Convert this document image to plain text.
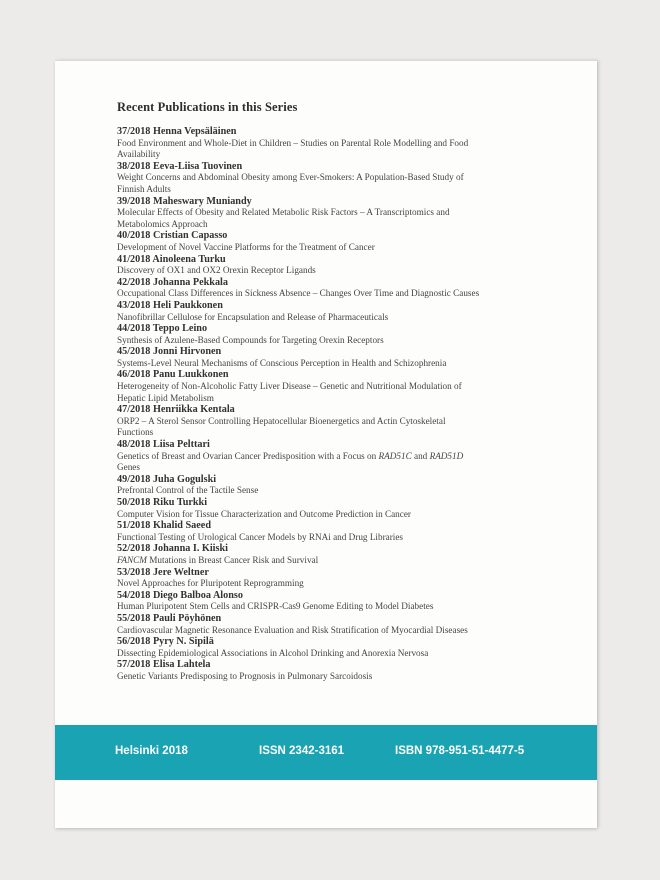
Recent Publications in this Series
37/2018 Henna Vepsäläinen
Food Environment and Whole-Diet in Children – Studies on Parental Role Modelling and Food
Availability
38/2018 Eeva-Liisa Tuovinen
Weight Concerns and Abdominal Obesity among Ever-Smokers: A Population-Based Study of
Finnish Adults
39/2018 Maheswary Muniandy
Molecular Effects of Obesity and Related Metabolic Risk Factors – A Transcriptomics and
Metabolomics Approach
40/2018 Cristian Capasso
Development of Novel Vaccine Platforms for the Treatment of Cancer
41/2018 Ainoleena Turku
Discovery of OX1 and OX2 Orexin Receptor Ligands
42/2018 Johanna Pekkala
Occupational Class Differences in Sickness Absence – Changes Over Time and Diagnostic Causes
43/2018 Heli Paukkonen
Nanofibrillar Cellulose for Encapsulation and Release of Pharmaceuticals
44/2018 Teppo Leino
Synthesis of Azulene-Based Compounds for Targeting Orexin Receptors
45/2018 Jonni Hirvonen
Systems-Level Neural Mechanisms of Conscious Perception in Health and Schizophrenia
46/2018 Panu Luukkonen
Heterogeneity of Non-Alcoholic Fatty Liver Disease – Genetic and Nutritional Modulation of
Hepatic Lipid Metabolism
47/2018 Henriikka Kentala
ORP2 – A Sterol Sensor Controlling Hepatocellular Bioenergetics and Actin Cytoskeletal
Functions
48/2018 Liisa Pelttari
Genetics of Breast and Ovarian Cancer Predisposition with a Focus on RAD51C and RAD51D
Genes
49/2018 Juha Gogulski
Prefrontal Control of the Tactile Sense
50/2018 Riku Turkki
Computer Vision for Tissue Characterization and Outcome Prediction in Cancer
51/2018 Khalid Saeed
Functional Testing of Urological Cancer Models by RNAi and Drug Libraries
52/2018 Johanna I. Kiiski
FANCM Mutations in Breast Cancer Risk and Survival
53/2018 Jere Weltner
Novel Approaches for Pluripotent Reprogramming
54/2018 Diego Balboa Alonso
Human Pluripotent Stem Cells and CRISPR-Cas9 Genome Editing to Model Diabetes
55/2018 Pauli Pöyhönen
Cardiovascular Magnetic Resonance Evaluation and Risk Stratification of Myocardial Diseases
56/2018 Pyry N. Sipilä
Dissecting Epidemiological Associations in Alcohol Drinking and Anorexia Nervosa
57/2018 Elisa Lahtela
Genetic Variants Predisposing to Prognosis in Pulmonary Sarcoidosis
Helsinki 2018	ISSN 2342-3161	ISBN 978-951-51-4477-5
